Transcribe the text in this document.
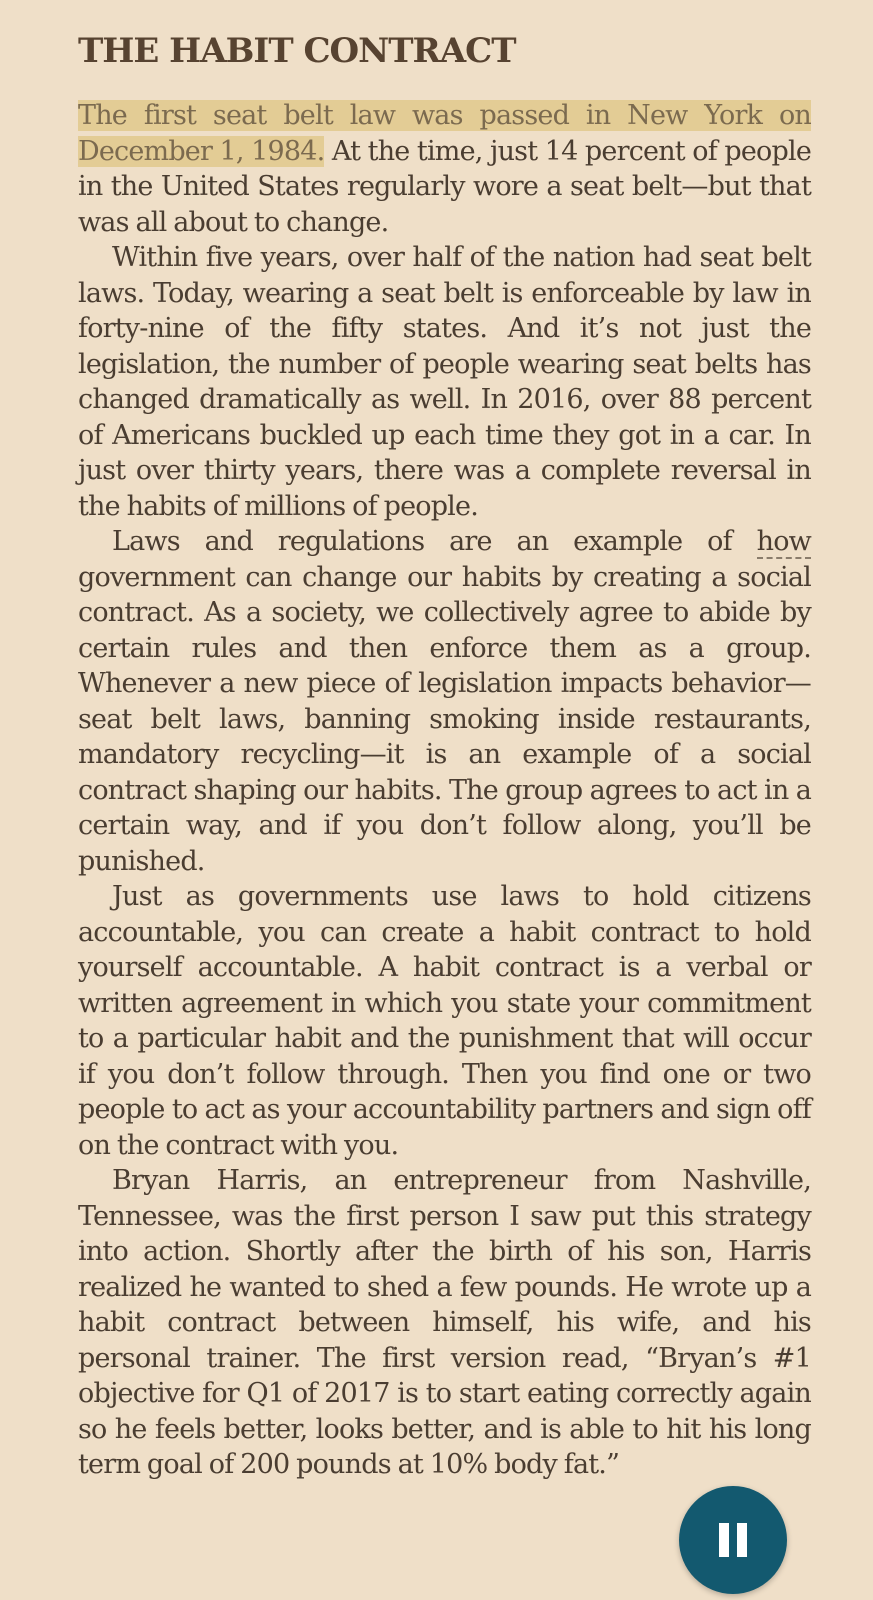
THE HABIT CONTRACT

The first seat belt law was passed in New York on December 1, 1984. At the time, just 14 percent of people in the United States regularly wore a seat belt—but that was all about to change.

Within five years, over half of the nation had seat belt laws. Today, wearing a seat belt is enforceable by law in forty-nine of the fifty states. And it’s not just the legislation, the number of people wearing seat belts has changed dramatically as well. In 2016, over 88 percent of Americans buckled up each time they got in a car. In just over thirty years, there was a complete reversal in the habits of millions of people.

Laws and regulations are an example of how government can change our habits by creating a social contract. As a society, we collectively agree to abide by certain rules and then enforce them as a group. Whenever a new piece of legislation impacts behavior—seat belt laws, banning smoking inside restaurants, mandatory recycling—it is an example of a social contract shaping our habits. The group agrees to act in a certain way, and if you don’t follow along, you’ll be punished.

Just as governments use laws to hold citizens accountable, you can create a habit contract to hold yourself accountable. A habit contract is a verbal or written agreement in which you state your commitment to a particular habit and the punishment that will occur if you don’t follow through. Then you find one or two people to act as your accountability partners and sign off on the contract with you.

Bryan Harris, an entrepreneur from Nashville, Tennessee, was the first person I saw put this strategy into action. Shortly after the birth of his son, Harris realized he wanted to shed a few pounds. He wrote up a habit contract between himself, his wife, and his personal trainer. The first version read, “Bryan’s #1 objective for Q1 of 2017 is to start eating correctly again so he feels better, looks better, and is able to hit his long term goal of 200 pounds at 10% body fat.”
